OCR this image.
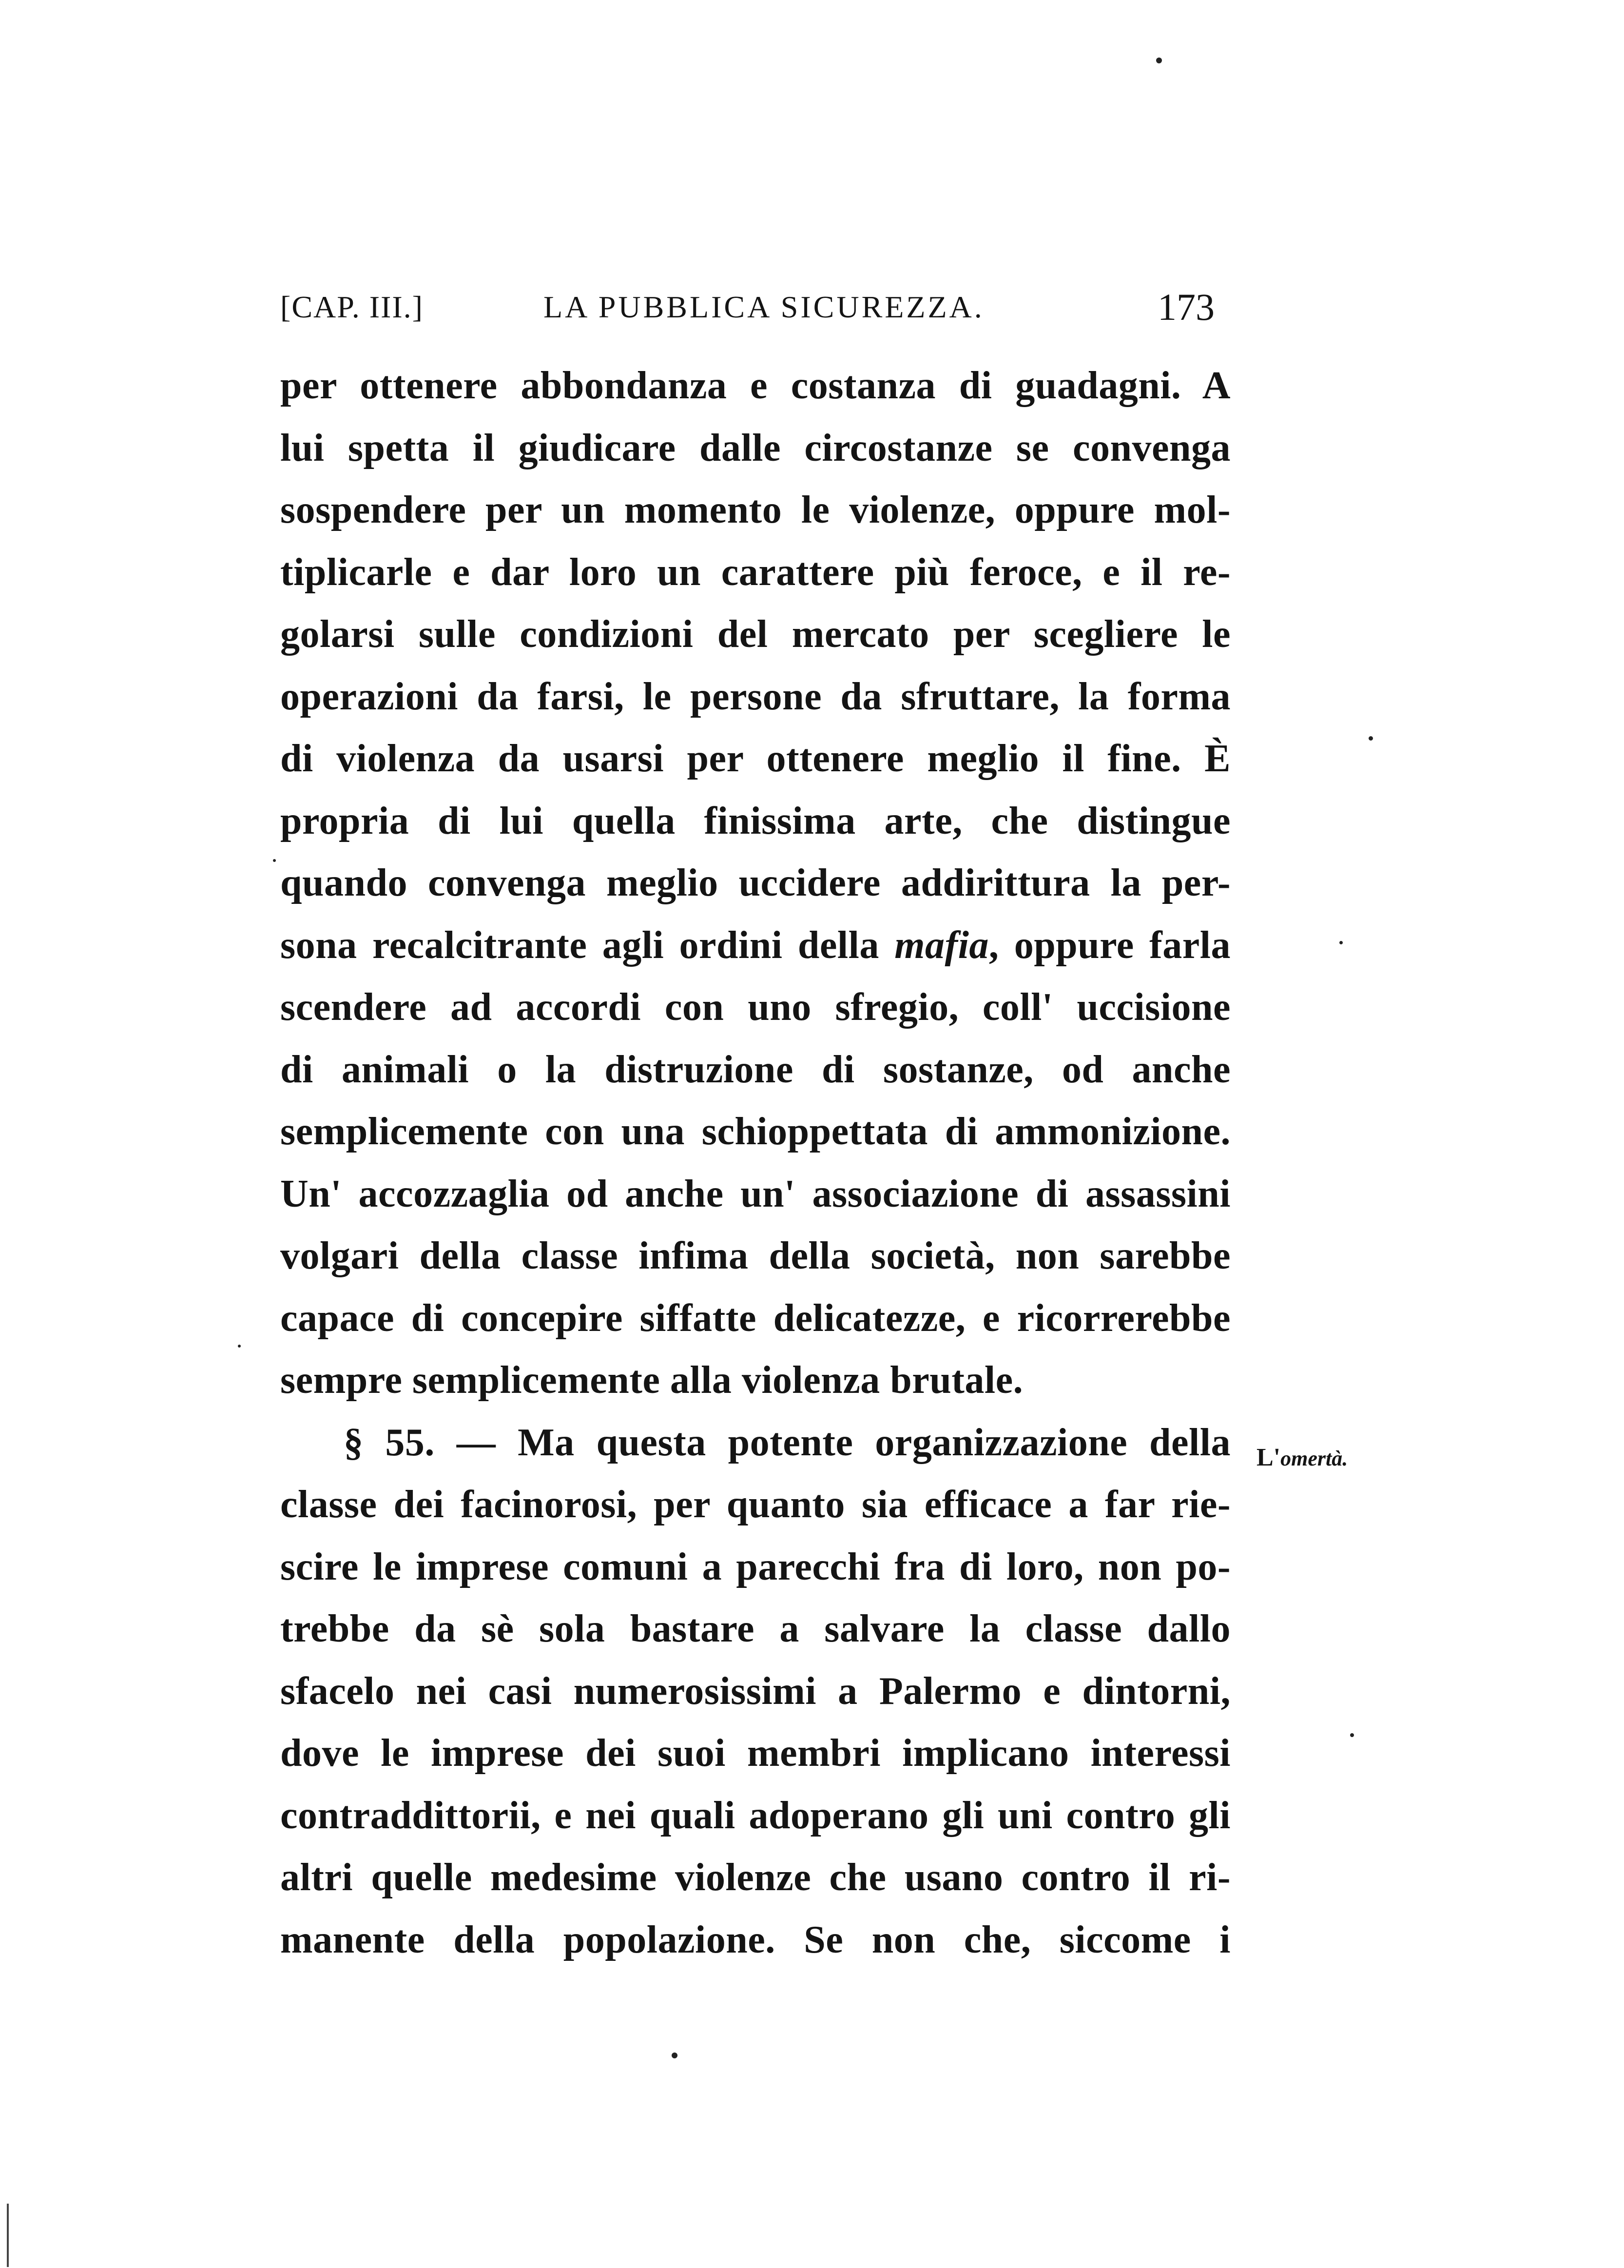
[CAP. III.]	LA PUBBLICA SICUREZZA.	173
per ottenere abbondanza e costanza di guadagni. A
lui spetta il giudicare dalle circostanze se convenga
sospendere per un momento le violenze, oppure mol-
tiplicarle e dar loro un carattere più feroce, e il re-
golarsi sulle condizioni del mercato per scegliere le
operazioni da farsi, le persone da sfruttare, la forma
di violenza da usarsi per ottenere meglio il fine. È
propria di lui quella finissima arte, che distingue
quando convenga meglio uccidere addirittura la per-
sona recalcitrante agli ordini della mafia, oppure farla
scendere ad accordi con uno sfregio, coll' uccisione
di animali o la distruzione di sostanze, od anche
semplicemente con una schioppettata di ammonizione.
Un' accozzaglia od anche un' associazione di assassini
volgari della classe infima della società, non sarebbe
capace di concepire siffatte delicatezze, e ricorrerebbe
sempre semplicemente alla violenza brutale.
§ 55. — Ma questa potente organizzazione della
classe dei facinorosi, per quanto sia efficace a far rie-
scire le imprese comuni a parecchi fra di loro, non po-
trebbe da sè sola bastare a salvare la classe dallo
sfacelo nei casi numerosissimi a Palermo e dintorni,
dove le imprese dei suoi membri implicano interessi
contraddittorii, e nei quali adoperano gli uni contro gli
altri quelle medesime violenze che usano contro il ri-
manente della popolazione. Se non che, siccome i
L'omertà.
